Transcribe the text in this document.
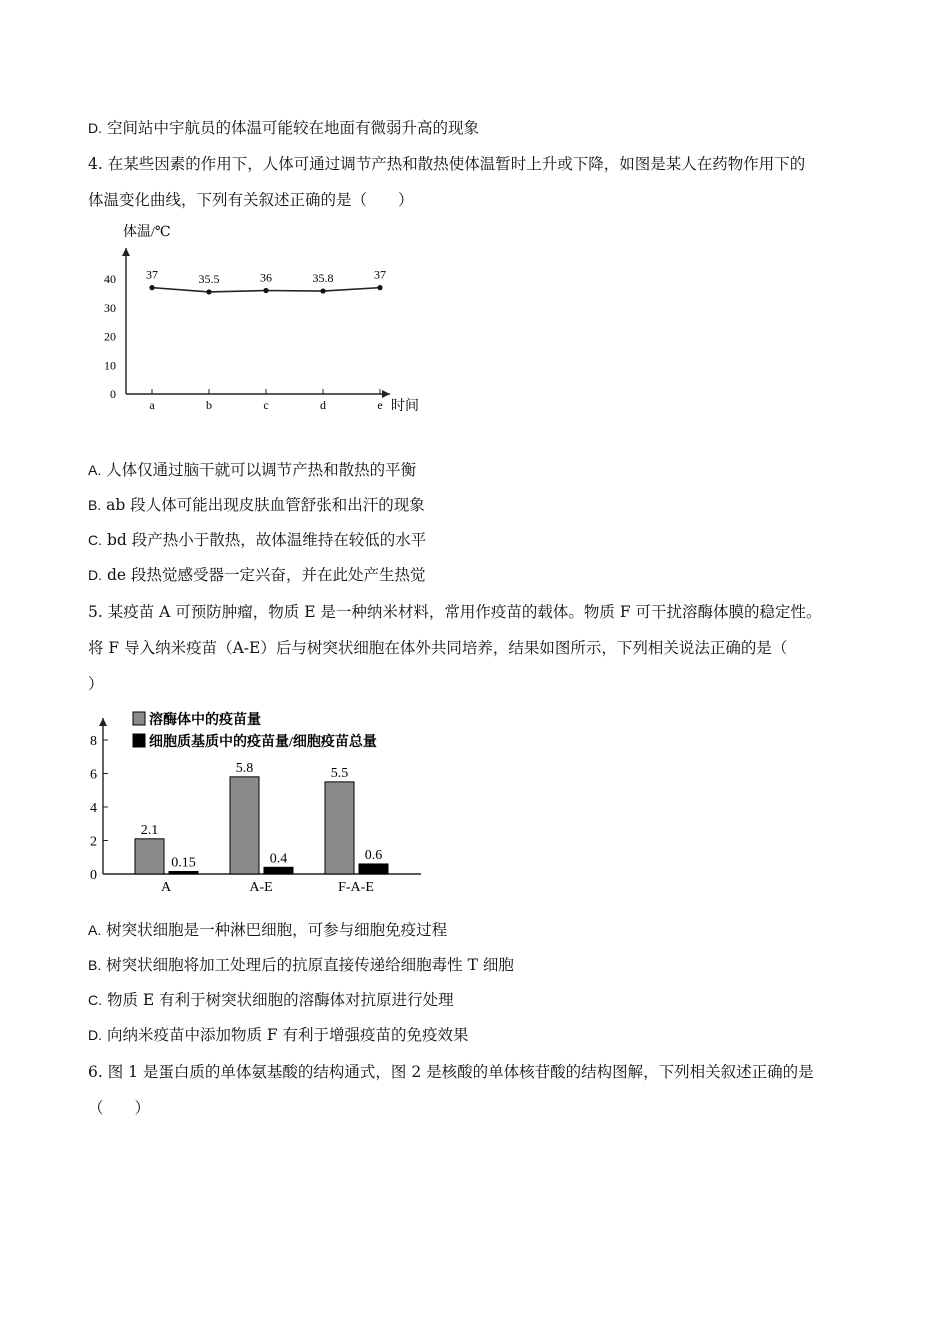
D. 空间站中宇航员的体温可能较在地面有微弱升高的现象
4. 在某些因素的作用下，人体可通过调节产热和散热使体温暂时上升或下降，如图是某人在药物作用下的
体温变化曲线，下列有关叙述正确的是（　　）
体温/℃
时间
0
10
20
30
40
a	b	c	d	e
37	35.5	36	35.8	37
A. 人体仅通过脑干就可以调节产热和散热的平衡
B. ab 段人体可能出现皮肤血管舒张和出汗的现象
C. bd 段产热小于散热，故体温维持在较低的水平
D. de 段热觉感受器一定兴奋，并在此处产生热觉
5. 某疫苗 A 可预防肿瘤，物质 E 是一种纳米材料，常用作疫苗的载体。物质 F 可干扰溶酶体膜的稳定性。
将 F 导入纳米疫苗（A-E）后与树突状细胞在体外共同培养，结果如图所示，下列相关说法正确的是（
）
溶酶体中的疫苗量
细胞质基质中的疫苗量/细胞疫苗总量
0
2
4
6
8
A	A-E	F-A-E
2.1
0.15
5.8
0.4
5.5
0.6
A. 树突状细胞是一种淋巴细胞，可参与细胞免疫过程
B. 树突状细胞将加工处理后的抗原直接传递给细胞毒性 T 细胞
C. 物质 E 有利于树突状细胞的溶酶体对抗原进行处理
D. 向纳米疫苗中添加物质 F 有利于增强疫苗的免疫效果
6. 图 1 是蛋白质的单体氨基酸的结构通式，图 2 是核酸的单体核苷酸的结构图解，下列相关叙述正确的是
（　　）
